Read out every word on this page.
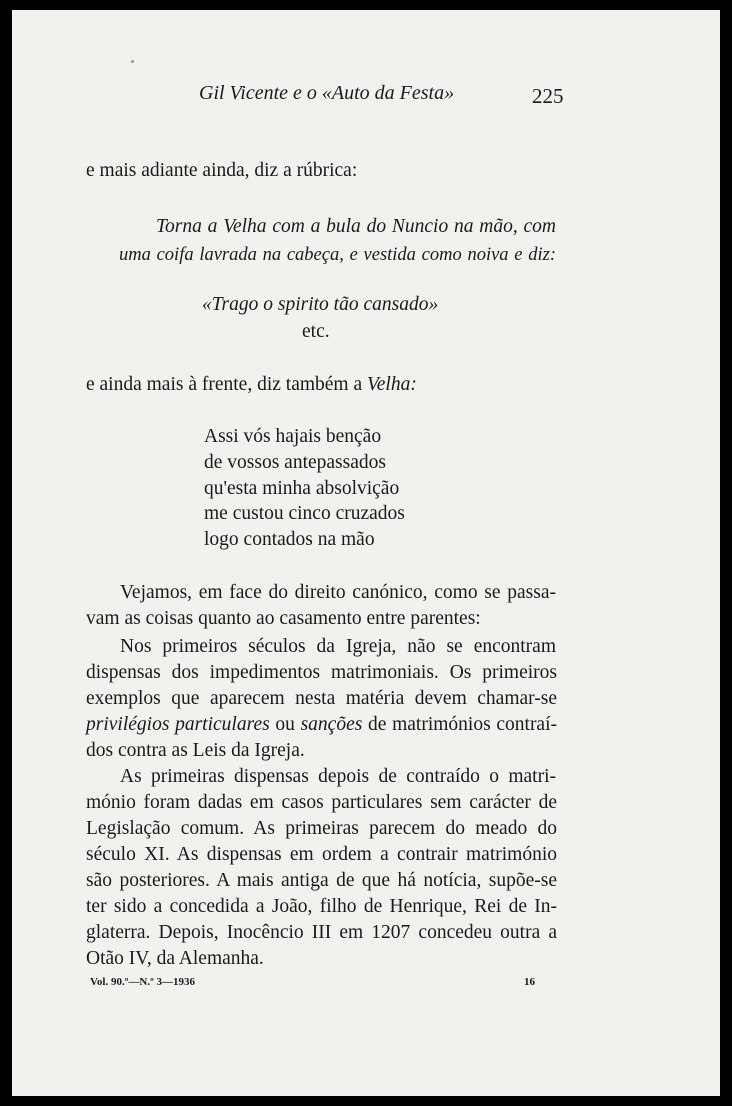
Gil Vicente e o «Auto da Festa»	225
e mais adiante ainda, diz a rúbrica:
Torna a Velha com a bula do Nuncio na mão, com
uma coifa lavrada na cabeça, e vestida como noiva e diz:
«Trago o spirito tão cansado»
etc.
e ainda mais à frente, diz também a Velha:
Assi vós hajais benção
de vossos antepassados
qu'esta minha absolvição
me custou cinco cruzados
logo contados na mão
Vejamos, em face do direito canónico, como se passa-
vam as coisas quanto ao casamento entre parentes:
Nos primeiros séculos da Igreja, não se encontram
dispensas dos impedimentos matrimoniais. Os primeiros
exemplos que aparecem nesta matéria devem chamar-se
privilégios particulares ou sanções de matrimónios contraí-
dos contra as Leis da Igreja.
As primeiras dispensas depois de contraído o matri-
mónio foram dadas em casos particulares sem carácter de
Legislação comum. As primeiras parecem do meado do
século XI. As dispensas em ordem a contrair matrimónio
são posteriores. A mais antiga de que há notícia, supõe-se
ter sido a concedida a João, filho de Henrique, Rei de In-
glaterra. Depois, Inocêncio III em 1207 concedeu outra a
Otão IV, da Alemanha.
Vol. 90.º—N.º 3—1936	16
